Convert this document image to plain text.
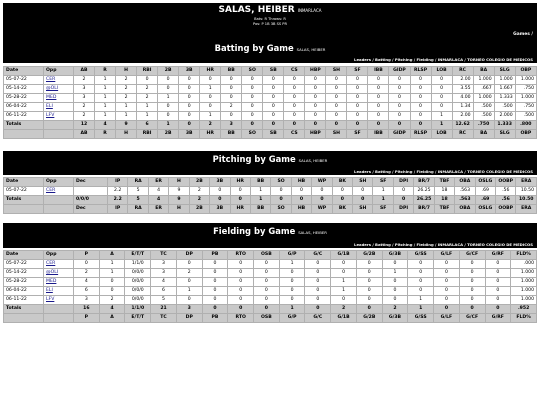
SALAS, HEIBER INMARLACA
Bats: R Throws: R
Pos: P 1B 3B SS PR
Games /
Batting by Game SALAS, HEIBER
Leaders / Batting / Pitching / Fielding / INMARLACA / TORNEO COLEGIO DE MEDICOS
Date	Opp	AB	R	H	RBI	2B	3B	HR	BB	SO	SB	CS	HBP	SH	SF	IBB	GIDP	RLSP	LOB	RC	BA	SLG	OBP
05-07-22	CER	2	1	2	0	0	0	0	0	0	0	0	0	0	0	0	0	0	0	2.00	1.000	1.000	1.000
05-14-22	@OLI	3	1	2	2	0	0	1	0	0	0	0	0	0	0	0	0	0	0	3.55	.667	1.667	.750
05-28-22	MED	3	1	2	2	1	0	0	0	0	0	0	0	0	0	0	0	0	0	4.00	1.000	1.333	1.000
06-04-22	ELI	2	1	1	1	0	0	0	2	0	0	0	0	0	0	0	0	0	0	1.34	.500	.500	.750
06-11-22	LFV	2	1	1	1	0	0	1	0	0	0	0	0	0	0	0	0	0	1	2.00	.500	2.000	.500
Totals		12	4	9	6	1	0	2	3	0	0	0	0	0	0	0	0	0	1	12.62	.750	1.333	.800
		AB	R	H	RBI	2B	3B	HR	BB	SO	SB	CS	HBP	SH	SF	IBB	GIDP	RLSP	LOB	RC	BA	SLG	OBP
Pitching by Game SALAS, HEIBER
Leaders / Batting / Pitching / Fielding / INMARLACA / TORNEO COLEGIO DE MEDICOS
Date	Opp	Dec	IP	RA	ER	H	2B	3B	HR	BB	SO	HB	WP	BK	SH	SF	DPI	BR/7	TBF	OBA	OSLG	OOBP	ERA
05-07-22	CER		2.2	5	4	9	2	0	0	1	0	0	0	0	0	1	0	26.25	18	.563	.69	.56	10.50
Totals		0/0/0	2.2	5	4	9	2	0	0	1	0	0	0	0	0	1	0	26.25	18	.563	.69	.56	10.50
		Dec	IP	RA	ER	H	2B	3B	HR	BB	SO	HB	WP	BK	SH	SF	DPI	BR/7	TBF	OBA	OSLG	OOBP	ERA
Fielding by Game SALAS, HEIBER
Leaders / Batting / Pitching / Fielding / INMARLACA / TORNEO COLEGIO DE MEDICOS
Date	Opp	P	A	E/T/T	TC	DP	PB	RTO	OSB	G/P	G/C	G/1B	G/2B	G/3B	G/SS	G/LF	G/CF	G/RF	FLD%
05-07-22	CER	0	1	1/1/0	3	0	0	0	0	1	0	0	0	0	0	0	0	0	.000
05-14-22	@OLI	2	1	0/0/0	3	2	0	0	0	0	0	0	0	1	0	0	0	0	1.000
05-28-22	MED	4	0	0/0/0	4	0	0	0	0	0	0	1	0	0	0	0	0	0	1.000
06-04-22	ELI	6	0	0/0/0	6	1	0	0	0	0	0	1	0	0	0	0	0	0	1.000
06-11-22	LFV	3	2	0/0/0	5	0	0	0	0	0	0	0	0	0	1	0	0	0	1.000
Totals		16	4	1/1/0	21	3	0	0	0	1	0	2	0	2	1	0	0	0	.952
		P	A	E/T/T	TC	DP	PB	RTO	OSB	G/P	G/C	G/1B	G/2B	G/3B	G/SS	G/LF	G/CF	G/RF	FLD%
